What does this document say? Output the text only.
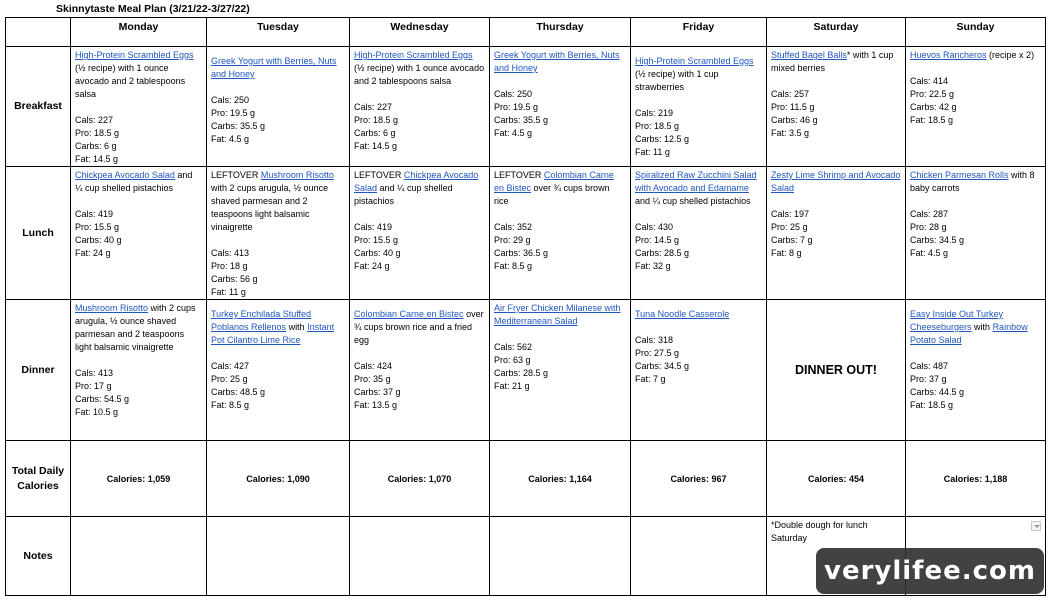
Skinnytaste Meal Plan (3/21/22-3/27/22)
	Monday	Tuesday	Wednesday	Thursday	Friday	Saturday	Sunday
Breakfast	High-Protein Scrambled Eggs (½ recipe) with 1 ounce avocado and 2 tablespoons salsa
Cals: 227
Pro: 18.5 g
Carbs: 6 g
Fat: 14.5 g	Greek Yogurt with Berries, Nuts and Honey
Cals: 250
Pro: 19.5 g
Carbs: 35.5 g
Fat: 4.5 g	High-Protein Scrambled Eggs (½ recipe) with 1 ounce avocado and 2 tablespoons salsa
Cals: 227
Pro: 18.5 g
Carbs: 6 g
Fat: 14.5 g	Greek Yogurt with Berries, Nuts and Honey
Cals: 250
Pro: 19.5 g
Carbs: 35.5 g
Fat: 4.5 g	High-Protein Scrambled Eggs (½ recipe) with 1 cup strawberries
Cals: 219
Pro: 18.5 g
Carbs: 12.5 g
Fat: 11 g	Stuffed Bagel Balls* with 1 cup mixed berries
Cals: 257
Pro: 11.5 g
Carbs: 46 g
Fat: 3.5 g	Huevos Rancheros (recipe x 2)
Cals: 414
Pro: 22.5 g
Carbs: 42 g
Fat: 18.5 g

Lunch	Chickpea Avocado Salad and ¼ cup shelled pistachios
Cals: 419
Pro: 15.5 g
Carbs: 40 g
Fat: 24 g	LEFTOVER Mushroom Risotto with 2 cups arugula, ½ ounce shaved parmesan and 2 teaspoons light balsamic vinaigrette
Cals: 413
Pro: 18 g
Carbs: 56 g
Fat: 11 g	LEFTOVER Chickpea Avocado Salad and ¼ cup shelled pistachios
Cals: 419
Pro: 15.5 g
Carbs: 40 g
Fat: 24 g	LEFTOVER Colombian Carne en Bistec over ¾ cups brown rice
Cals: 352
Pro: 29 g
Carbs: 36.5 g
Fat: 8.5 g	Spiralized Raw Zucchini Salad with Avocado and Edamame and ¼ cup shelled pistachios
Cals: 430
Pro: 14.5 g
Carbs: 28.5 g
Fat: 32 g	Zesty Lime Shrimp and Avocado Salad
Cals: 197
Pro: 25 g
Carbs: 7 g
Fat: 8 g	Chicken Parmesan Rolls with 8 baby carrots
Cals: 287
Pro: 28 g
Carbs: 34.5 g
Fat: 4.5 g

Dinner	Mushroom Risotto with 2 cups arugula, ½ ounce shaved parmesan and 2 teaspoons light balsamic vinaigrette
Cals: 413
Pro: 17 g
Carbs: 54.5 g
Fat: 10.5 g	Turkey Enchilada Stuffed Poblanos Rellenos with Instant Pot Cilantro Lime Rice
Cals: 427
Pro: 25 g
Carbs: 48.5 g
Fat: 8.5 g	Colombian Carne en Bistec over ¾ cups brown rice and a fried egg
Cals: 424
Pro: 35 g
Carbs: 37 g
Fat: 13.5 g	Air Fryer Chicken Milanese with Mediterranean Salad
Cals: 562
Pro: 63 g
Carbs: 28.5 g
Fat: 21 g	Tuna Noodle Casserole
Cals: 318
Pro: 27.5 g
Carbs: 34.5 g
Fat: 7 g	DINNER OUT!	Easy Inside Out Turkey Cheeseburgers with Rainbow Potato Salad
Cals: 487
Pro: 37 g
Carbs: 44.5 g
Fat: 18.5 g

Total Daily Calories	Calories: 1,059	Calories: 1,090	Calories: 1,070	Calories: 1,164	Calories: 967	Calories: 454	Calories: 1,188
Notes						*Double dough for lunch Saturday	
verylifee.com
